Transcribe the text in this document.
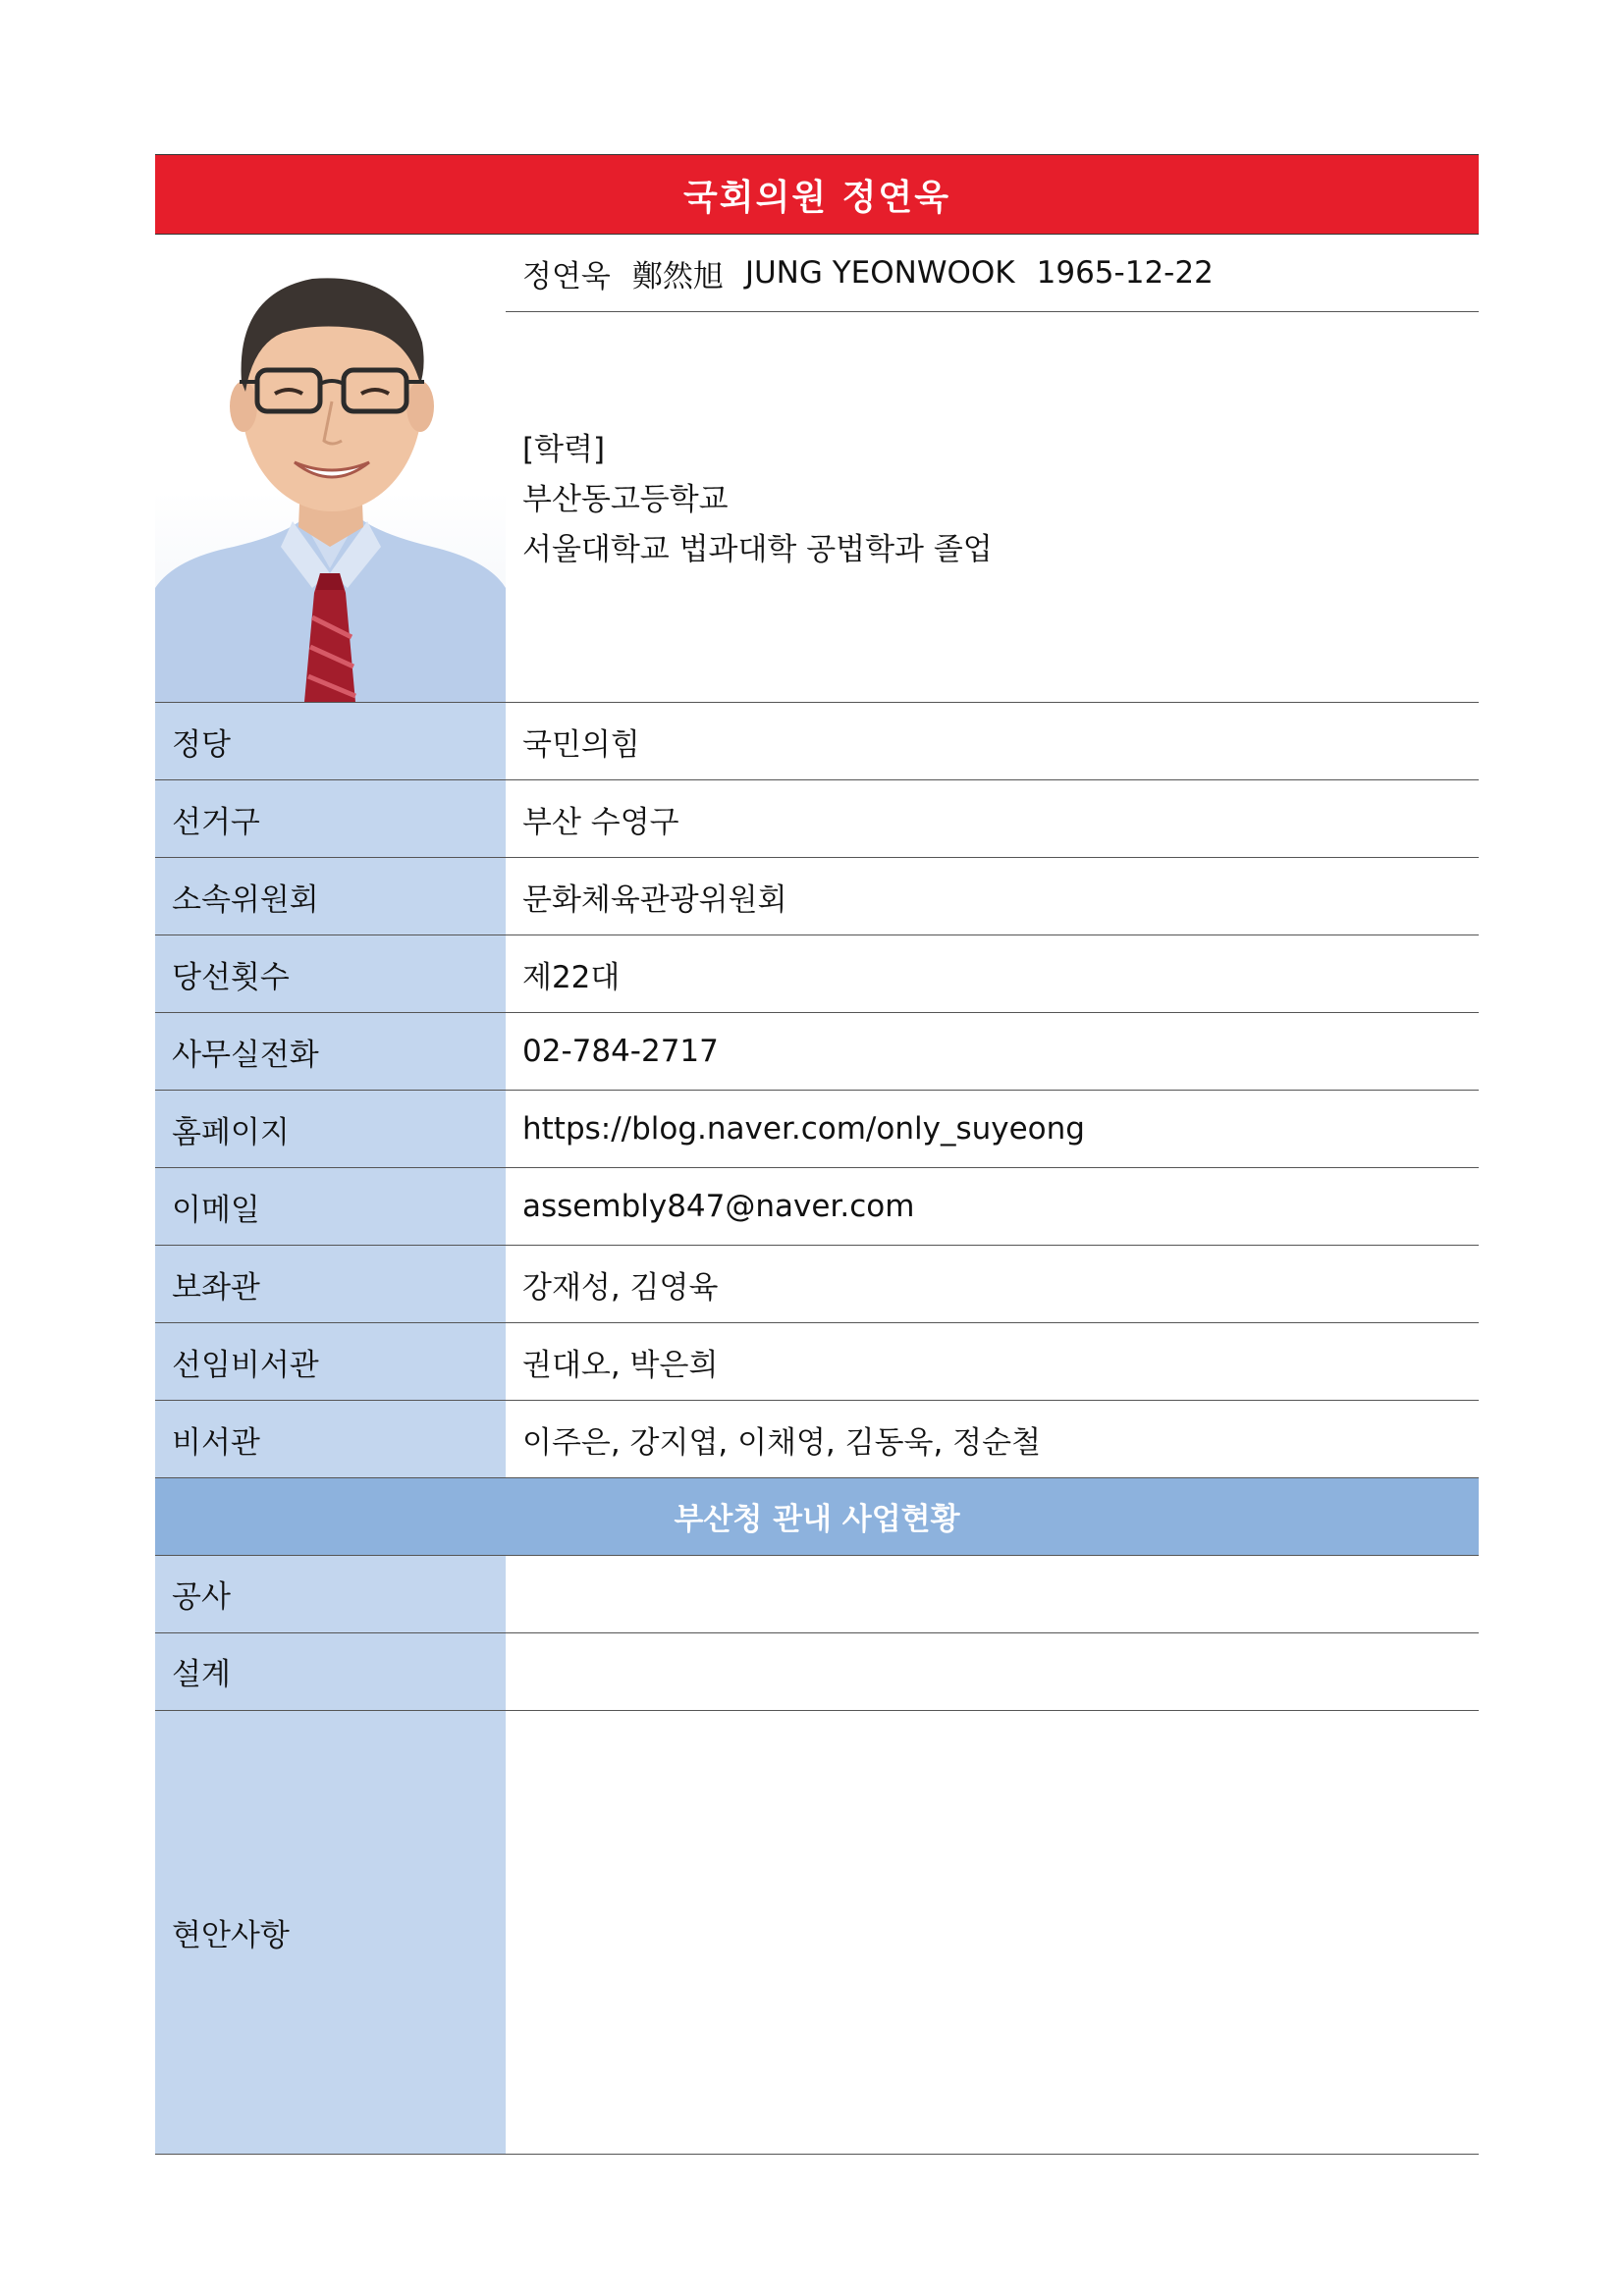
국회의원 정연욱
정연욱 鄭然旭 JUNG YEONWOOK 1965-12-22
[학력]
부산동고등학교
서울대학교 법과대학 공법학과 졸업
정당	국민의힘
선거구	부산 수영구
소속위원회	문화체육관광위원회
당선횟수	제22대
사무실전화	02-784-2717
홈페이지	https://blog.naver.com/only_suyeong
이메일	assembly847@naver.com
보좌관	강재성, 김영육
선임비서관	권대오, 박은희
비서관	이주은, 강지엽, 이채영, 김동욱, 정순철
부산청 관내 사업현황
공사
설계
현안사항
